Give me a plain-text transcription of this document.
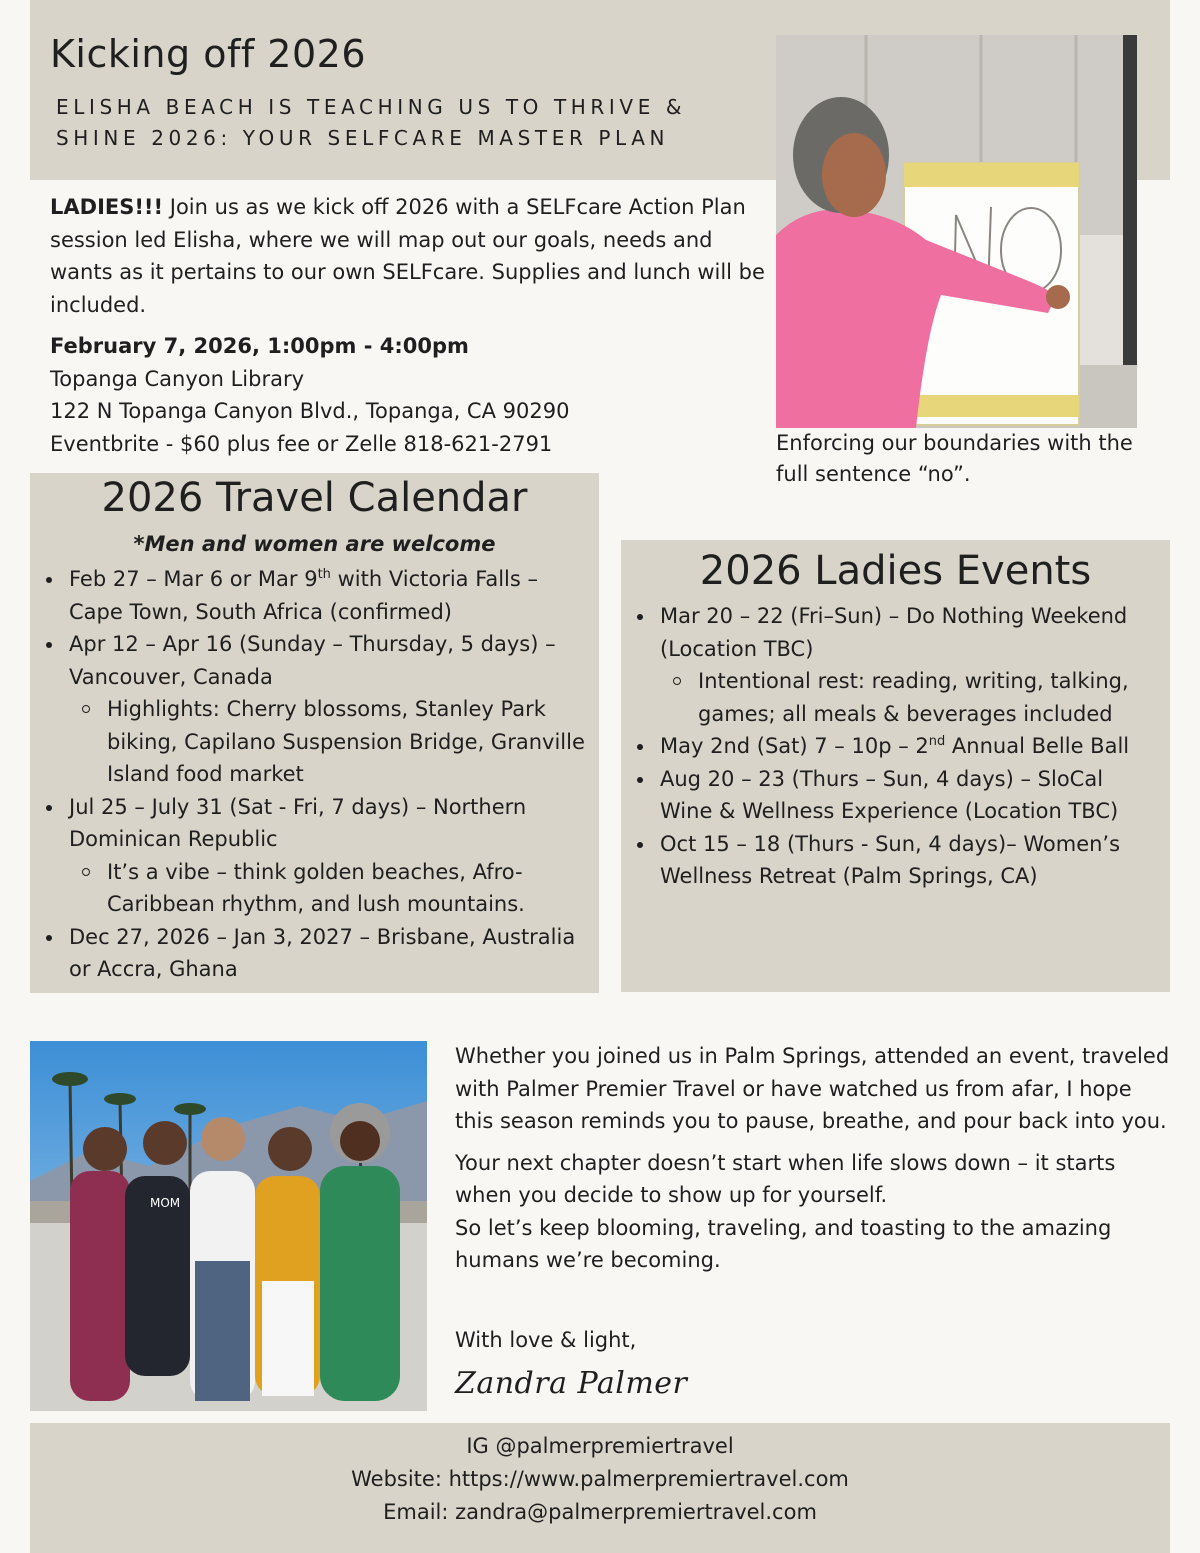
Kicking off 2026
ELISHA BEACH IS TEACHING US TO THRIVE & SHINE 2026: YOUR SELFCARE MASTER PLAN
Enforcing our boundaries with the full sentence “no”.
LADIES!!! Join us as we kick off 2026 with a SELFcare Action Plan session led Elisha, where we will map out our goals, needs and wants as it pertains to our own SELFcare. Supplies and lunch will be included.
February 7, 2026, 1:00pm - 4:00pm
Topanga Canyon Library
122 N Topanga Canyon Blvd., Topanga, CA 90290
Eventbrite - $60 plus fee or Zelle 818-621-2791
2026 Travel Calendar
*Men and women are welcome
Feb 27 – Mar 6 or Mar 9th with Victoria Falls – Cape Town, South Africa (confirmed)
Apr 12 – Apr 16 (Sunday – Thursday, 5 days) – Vancouver, Canada
Highlights: Cherry blossoms, Stanley Park biking, Capilano Suspension Bridge, Granville Island food market
Jul 25 – July 31 (Sat - Fri, 7 days) – Northern Dominican Republic
It’s a vibe – think golden beaches, Afro-Caribbean rhythm, and lush mountains.
Dec 27, 2026 – Jan 3, 2027 – Brisbane, Australia or Accra, Ghana
2026 Ladies Events
Mar 20 – 22 (Fri–Sun) – Do Nothing Weekend (Location TBC)
Intentional rest: reading, writing, talking, games; all meals & beverages included
May 2nd (Sat) 7 – 10p – 2nd Annual Belle Ball
Aug 20 – 23 (Thurs – Sun, 4 days) – SloCal Wine & Wellness Experience (Location TBC)
Oct 15 – 18 (Thurs - Sun, 4 days)– Women’s Wellness Retreat (Palm Springs, CA)
MOM

Whether you joined us in Palm Springs, attended an event, traveled with Palmer Premier Travel or have watched us from afar, I hope this season reminds you to pause, breathe, and pour back into you.

Your next chapter doesn’t start when life slows down – it starts when you decide to show up for yourself.
So let’s keep blooming, traveling, and toasting to the amazing humans we’re becoming.

With love & light,
Zandra Palmer
IG @palmerpremiertravel
Website: https://www.palmerpremiertravel.com
Email: zandra@palmerpremiertravel.com
